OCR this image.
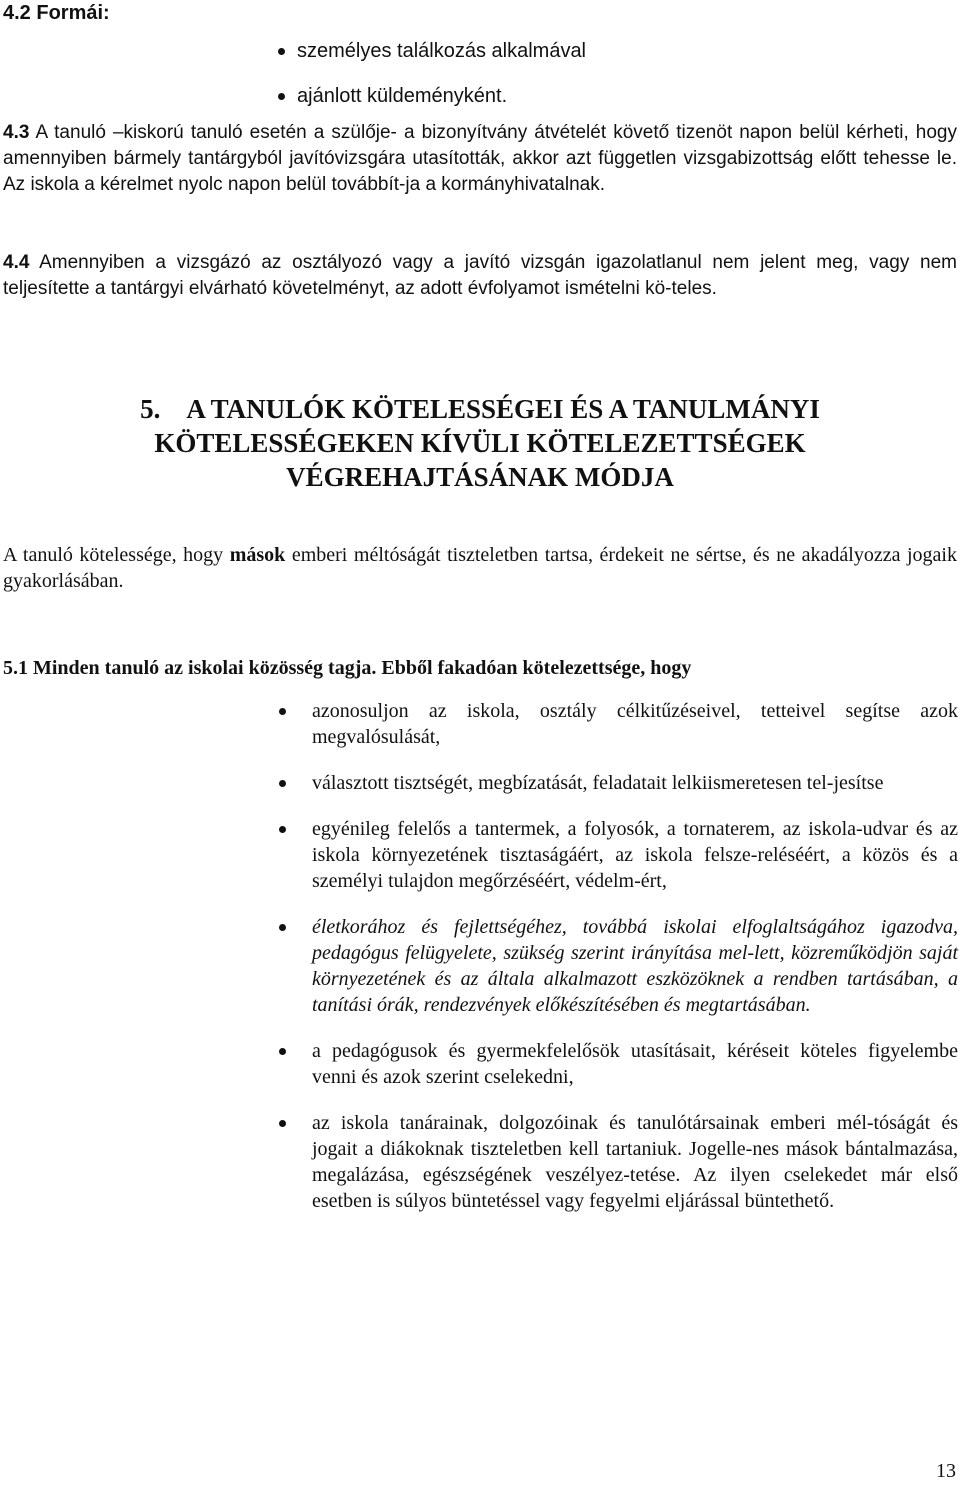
4.2 Formái:
személyes találkozás alkalmával
ajánlott küldeményként.

4.3 A tanuló –kiskorú tanuló esetén a szülője- a bizonyítvány átvételét követő tizenöt napon belül kérheti, hogy amennyiben bármely tantárgyból javítóvizsgára utasították, akkor azt független vizsgabizottság előtt tehesse le. Az iskola a kérelmet nyolc napon belül továbbít-ja a kormányhivatalnak.

4.4 Amennyiben a vizsgázó az osztályozó vagy a javító vizsgán igazolatlanul nem jelent meg, vagy nem teljesítette a tantárgyi elvárható követelményt, az adott évfolyamot ismételni kö-teles.

5. A TANULÓK KÖTELESSÉGEI ÉS A TANULMÁNYI
KÖTELESSÉGEKEN KÍVÜLI KÖTELEZETTSÉGEK
VÉGREHAJTÁSÁNAK MÓDJA

A tanuló kötelessége, hogy mások emberi méltóságát tiszteletben tartsa, érdekeit ne sértse, és ne akadályozza jogaik gyakorlásában.

5.1 Minden tanuló az iskolai közösség tagja. Ebből fakadóan kötelezettsége, hogy
azonosuljon az iskola, osztály célkitűzéseivel, tetteivel segítse azok megvalósulását,
választott tisztségét, megbízatását, feladatait lelkiismeretesen tel-jesítse
egyénileg felelős a tantermek, a folyosók, a tornaterem, az iskola-udvar és az iskola környezetének tisztaságáért, az iskola felsze-reléséért, a közös és a személyi tulajdon megőrzéséért, védelm-ért,
életkorához és fejlettségéhez, továbbá iskolai elfoglaltságához igazodva, pedagógus felügyelete, szükség szerint irányítása mel-lett, közreműködjön saját környezetének és az általa alkalmazott eszközöknek a rendben tartásában, a tanítási órák, rendezvények előkészítésében és megtartásában.
a pedagógusok és gyermekfelelősök utasításait, kéréseit köteles figyelembe venni és azok szerint cselekedni,
az iskola tanárainak, dolgozóinak és tanulótársainak emberi mél-tóságát és jogait a diákoknak tiszteletben kell tartaniuk. Jogelle-nes mások bántalmazása, megalázása, egészségének veszélyez-tetése. Az ilyen cselekedet már első esetben is súlyos büntetéssel vagy fegyelmi eljárással büntethető.
13
